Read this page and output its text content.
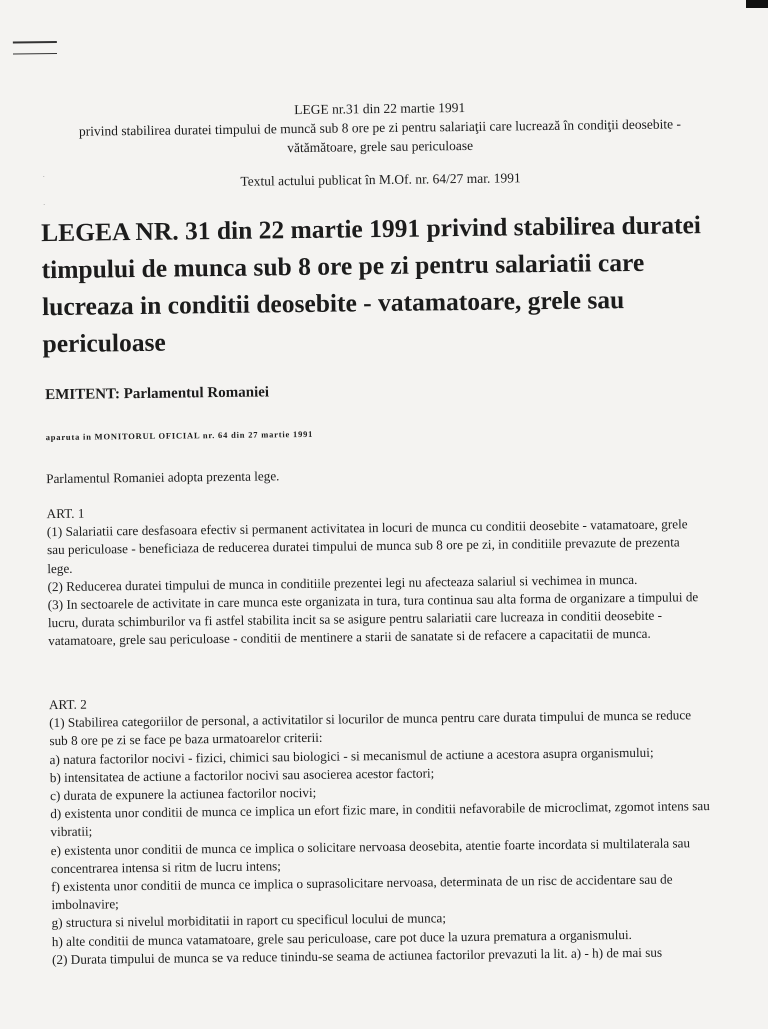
·
·
LEGE nr.31 din 22 martie 1991
privind stabilirea duratei timpului de muncă sub 8 ore pe zi pentru salariaţii care lucrează în condiţii deosebite -
vătămătoare, grele sau periculoase
Textul actului publicat în M.Of. nr. 64/27 mar. 1991
LEGEA NR. 31 din 22 martie 1991 privind stabilirea duratei timpului de munca sub 8 ore pe zi pentru salariatii care lucreaza in conditii deosebite - vatamatoare, grele sau periculoase

EMITENT: Parlamentul Romaniei

aparuta in MONITORUL OFICIAL nr. 64 din 27 martie 1991

Parlamentul Romaniei adopta prezenta lege.

ART. 1

(1) Salariatii care desfasoara efectiv si permanent activitatea in locuri de munca cu conditii deosebite - vatamatoare, grele sau periculoase - beneficiaza de reducerea duratei timpului de munca sub 8 ore pe zi, in conditiile prevazute de prezenta lege.

(2) Reducerea duratei timpului de munca in conditiile prezentei legi nu afecteaza salariul si vechimea in munca.

(3) In sectoarele de activitate in care munca este organizata in tura, tura continua sau alta forma de organizare a timpului de lucru, durata schimburilor va fi astfel stabilita incit sa se asigure pentru salariatii care lucreaza in conditii deosebite - vatamatoare, grele sau periculoase - conditii de mentinere a starii de sanatate si de refacere a capacitatii de munca.

ART. 2

(1) Stabilirea categoriilor de personal, a activitatilor si locurilor de munca pentru care durata timpului de munca se reduce sub 8 ore pe zi se face pe baza urmatoarelor criterii:

a) natura factorilor nocivi - fizici, chimici sau biologici - si mecanismul de actiune a acestora asupra organismului;

b) intensitatea de actiune a factorilor nocivi sau asocierea acestor factori;

c) durata de expunere la actiunea factorilor nocivi;

d) existenta unor conditii de munca ce implica un efort fizic mare, in conditii nefavorabile de microclimat, zgomot intens sau vibratii;

e) existenta unor conditii de munca ce implica o solicitare nervoasa deosebita, atentie foarte incordata si multilaterala sau concentrarea intensa si ritm de lucru intens;

f) existenta unor conditii de munca ce implica o suprasolicitare nervoasa, determinata de un risc de accidentare sau de imbolnavire;

g) structura si nivelul morbiditatii in raport cu specificul locului de munca;

h) alte conditii de munca vatamatoare, grele sau periculoase, care pot duce la uzura prematura a organismului.

(2) Durata timpului de munca se va reduce tinindu-se seama de actiunea factorilor prevazuti la lit. a) - h) de mai sus
